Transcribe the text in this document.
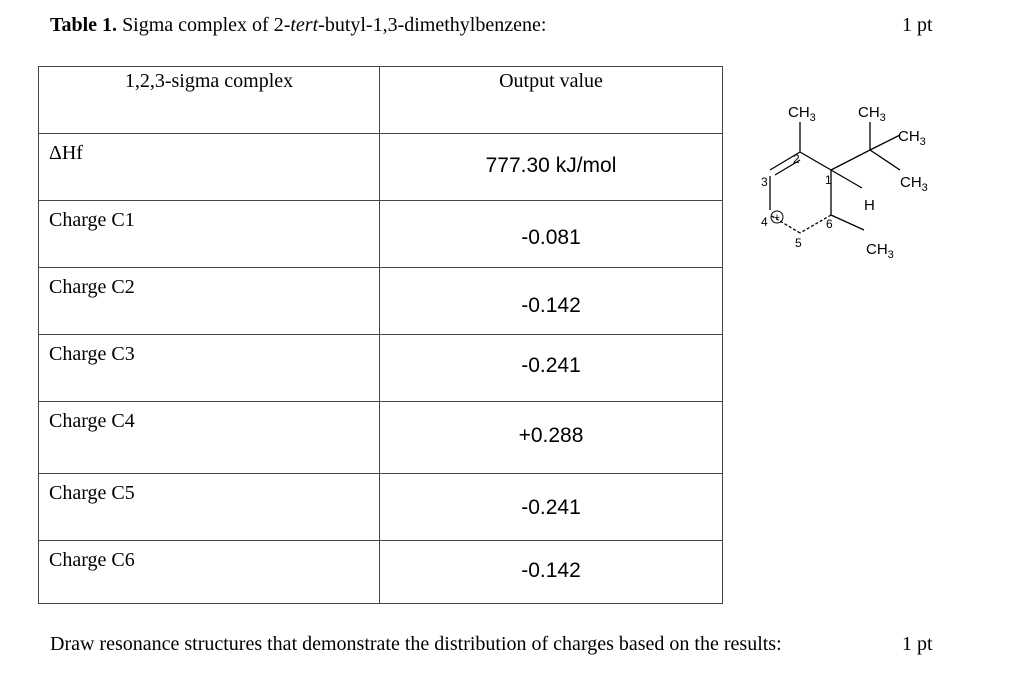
Table 1. Sigma complex of 2-tert-butyl-1,3-dimethylbenzene:	1 pt
1,2,3-sigma complex	Output value

ΔHf	777.30 kJ/mol

Charge C1	-0.081

Charge C2	-0.142

Charge C3	-0.241

Charge C4	+0.288

Charge C5	-0.241

Charge C6	-0.142
$CH_3$	$CH_3$
$CH_3$
$CH_3$
$CH_3$
H
1
2
3
4
5
6
+
Draw resonance structures that demonstrate the distribution of charges based on the results:	1 pt
